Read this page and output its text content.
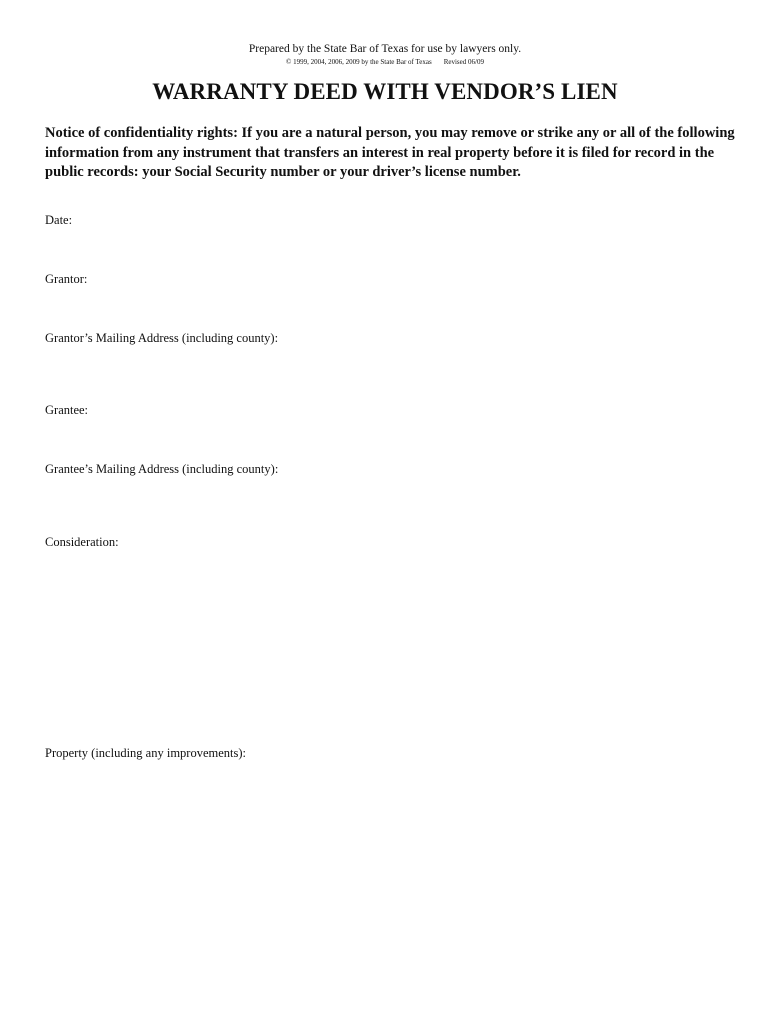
Prepared by the State Bar of Texas for use by lawyers only.
© 1999, 2004, 2006, 2009 by the State Bar of Texas Revised 06/09
WARRANTY DEED WITH VENDOR’S LIEN
Notice of confidentiality rights: If you are a natural person, you may remove or strike any or all of the following information from any instrument that transfers an interest in real property before it is filed for record in the public records: your Social Security number or your driver’s license number.
Date:
Grantor:
Grantor’s Mailing Address (including county):
Grantee:
Grantee’s Mailing Address (including county):
Consideration:
Property (including any improvements):
